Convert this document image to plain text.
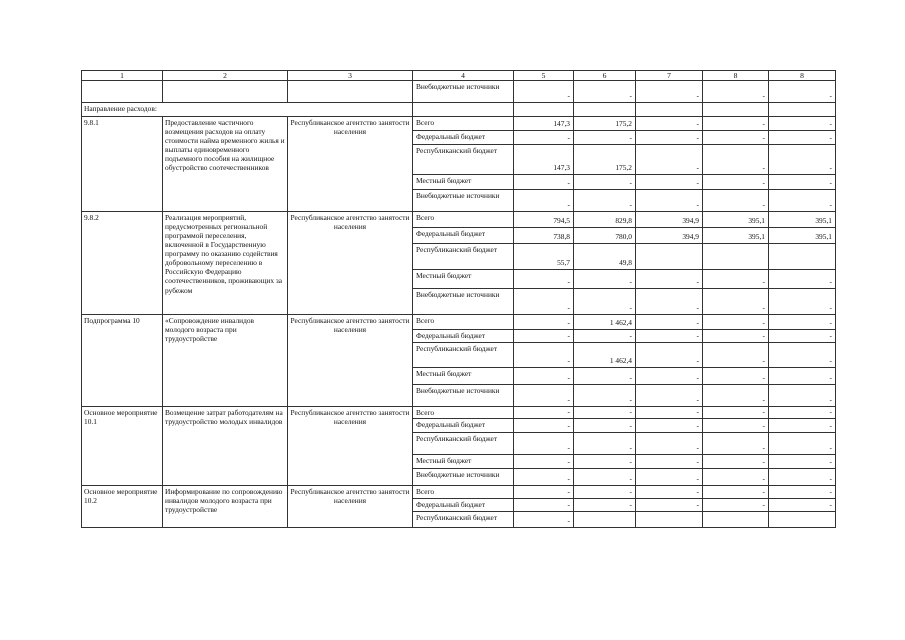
1	2	3	4	5	6	7	8	8
			Внебюджетные источники	-	-	-	-	-
Направление расходов:								
9.8.1	Предоставление частичного возмещения расходов на оплату стоимости найма временного жилья и выплаты единовременного подъемного пособия на жилищное обустройство соотечественников	Республиканское агентство занятости населения	Всего	147,3	175,2	-	-	-
			Федеральный бюджет	-	-	-	-	-
			Республиканский бюджет	147,3	175,2	-	-	-
			Местный бюджет	-	-	-	-	-
			Внебюджетные источники	-	-	-	-	-
9.8.2	Реализация мероприятий, предусмотренных региональной программой переселения, включенной в Государственную программу по оказанию содействия добровольному переселению в Российскую Федерацию соотечественников, проживающих за рубежом	Республиканское агентство занятости населения	Всего	794,5	829,8	394,9	395,1	395,1
			Федеральный бюджет	738,8	780,0	394,9	395,1	395,1
			Республиканский бюджет	55,7	49,8			
			Местный бюджет	-	-	-	-	-
			Внебюджетные источники	-	-	-	-	-
Подпрограмма 10	«Сопровождение инвалидов молодого возраста при трудоустройстве	Республиканское агентство занятости населения	Всего	-	1 462,4	-	-	-
			Федеральный бюджет	-	-	-	-	-
			Республиканский бюджет	-	1 462,4	-	-	-
			Местный бюджет	-	-	-	-	-
			Внебюджетные источники	-	-	-	-	-
Основное мероприятие 10.1	Возмещение затрат работодателям на трудоустройство молодых инвалидов	Республиканское агентство занятости населения	Всего	-	-	-	-	-
			Федеральный бюджет	-	-	-	-	-
			Республиканский бюджет	-	-	-	-	-
			Местный бюджет	-	-	-	-	-
			Внебюджетные источники	-	-	-	-	-
Основное мероприятие 10.2	Информирование по сопровождению инвалидов молодого возраста при трудоустройстве	Республиканское агентство занятости населения	Всего	-	-	-	-	-
			Федеральный бюджет	-	-	-	-	-
			Республиканский бюджет	-				
